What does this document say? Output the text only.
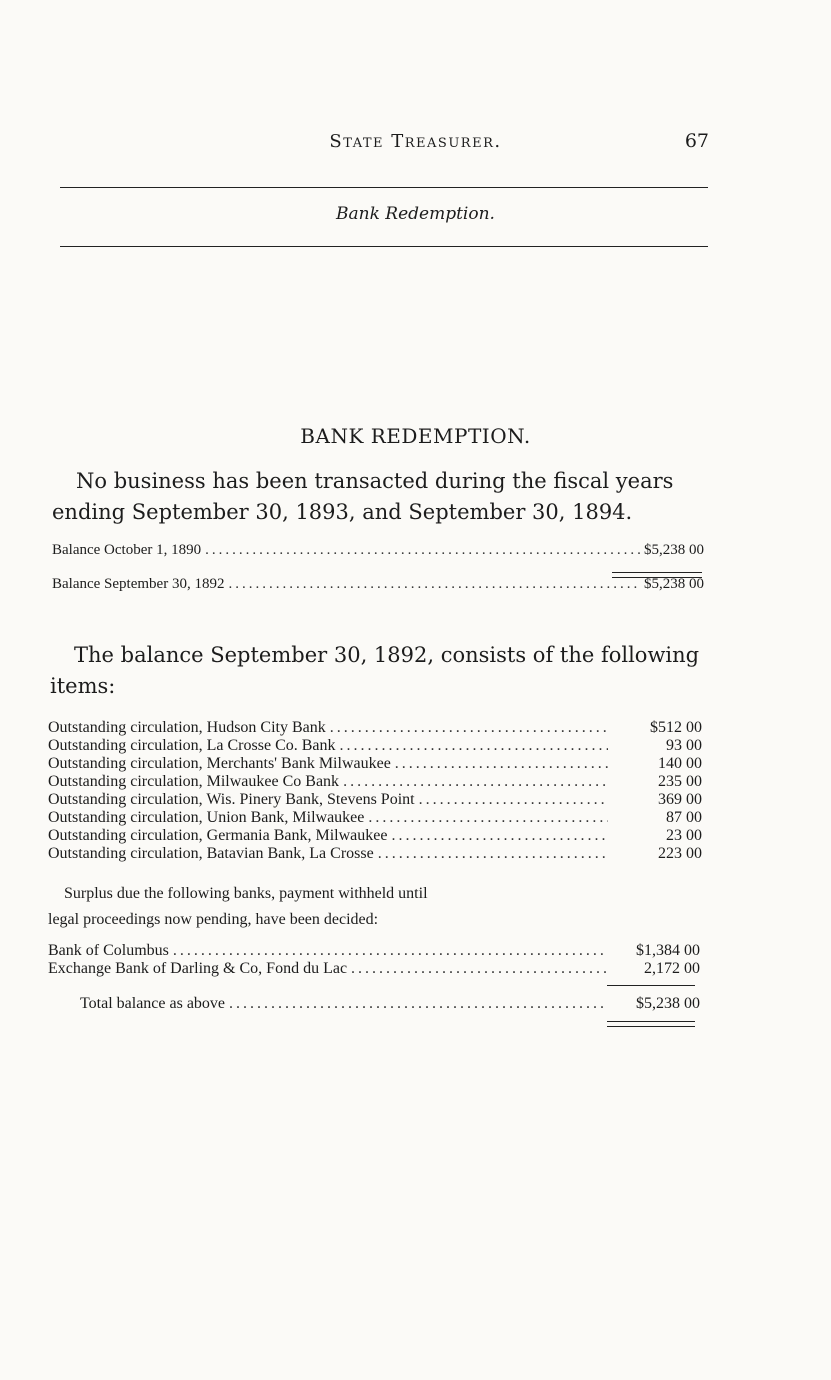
State Treasurer.	67
Bank Redemption.
BANK REDEMPTION.
No business has been transacted during the fiscal years
ending September 30, 1893, and September 30, 1894.
Balance October 1, 1890 .....	$5,238 00
Balance September 30, 1892 .....	$5,238 00
The balance September 30, 1892, consists of the following
items:
Outstanding circulation, Hudson City Bank .....	$512 00
Outstanding circulation, La Crosse Co. Bank .....	93 00
Outstanding circulation, Merchants' Bank Milwaukee .....	140 00
Outstanding circulation, Milwaukee Co Bank .....	235 00
Outstanding circulation, Wis. Pinery Bank, Stevens Point .....	369 00
Outstanding circulation, Union Bank, Milwaukee .....	87 00
Outstanding circulation, Germania Bank, Milwaukee .....	23 00
Outstanding circulation, Batavian Bank, La Crosse .....	223 00
Surplus due the following banks, payment withheld until
legal proceedings now pending, have been decided:
Bank of Columbus .....	$1,384 00
Exchange Bank of Darling & Co, Fond du Lac .....	2,172 00
Total balance as above .....	$5,238 00
